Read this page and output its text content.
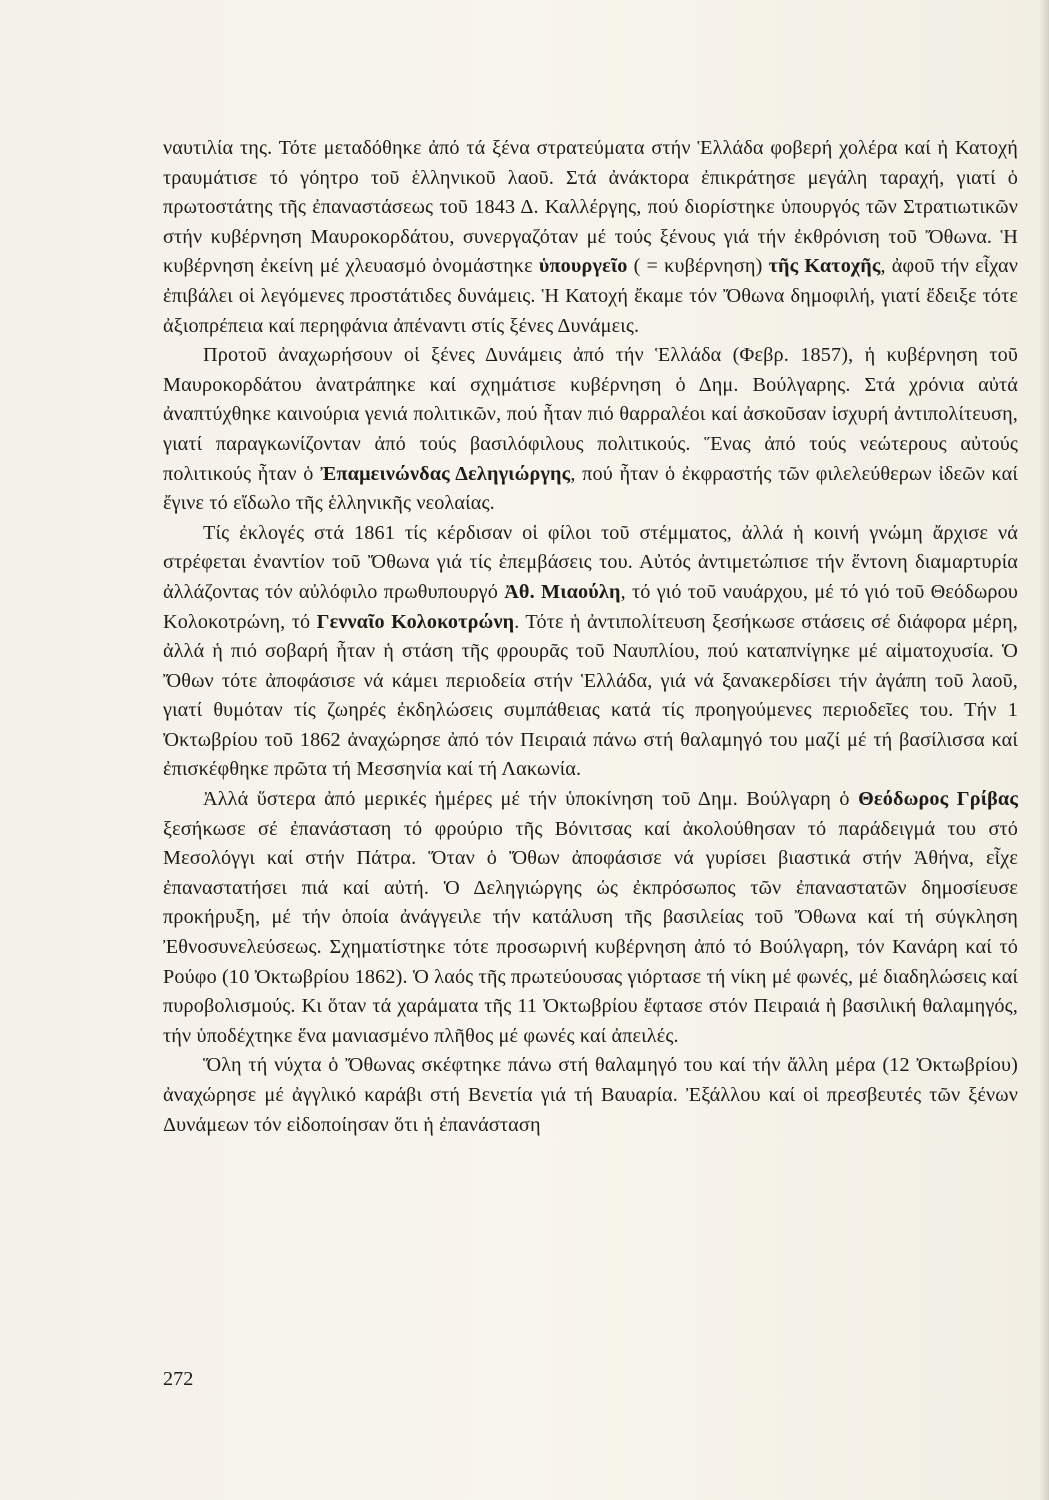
ναυτιλία της. Τότε μεταδόθηκε ἀπό τά ξένα στρατεύματα στήν Ἑλλάδα φοβερή χολέρα καί ἡ Κατοχή τραυμάτισε τό γόητρο τοῦ ἑλληνικοῦ λαοῦ. Στά ἀνάκτορα ἐπικράτησε μεγάλη ταραχή, γιατί ὁ πρωτοστάτης τῆς ἐπαναστάσεως τοῦ 1843 Δ. Καλλέργης, πού διορίστηκε ὑπουργός τῶν Στρατιωτικῶν στήν κυβέρνηση Μαυροκορδάτου, συνεργαζόταν μέ τούς ξένους γιά τήν ἐκθρόνιση τοῦ Ὄθωνα. Ἡ κυβέρνηση ἐκείνη μέ χλευασμό ὀνομάστηκε ὑπουργεῖο ( = κυβέρνηση) τῆς Κατοχῆς, ἀφοῦ τήν εἶχαν ἐπιβάλει οἱ λεγόμενες προστάτιδες δυνάμεις. Ἡ Κατοχή ἔκαμε τόν Ὄθωνα δημοφιλή, γιατί ἔδειξε τότε ἀξιοπρέπεια καί περηφάνια ἀπέναντι στίς ξένες Δυνάμεις.

Προτοῦ ἀναχωρήσουν οἱ ξένες Δυνάμεις ἀπό τήν Ἑλλάδα (Φεβρ. 1857), ἡ κυβέρνηση τοῦ Μαυροκορδάτου ἀνατράπηκε καί σχημάτισε κυβέρνηση ὁ Δημ. Βούλγαρης. Στά χρόνια αὐτά ἀναπτύχθηκε καινούρια γενιά πολιτικῶν, πού ἦταν πιό θαρραλέοι καί ἀσκοῦσαν ἰσχυρή ἀντιπολίτευση, γιατί παραγκωνίζονταν ἀπό τούς βασιλόφιλους πολιτικούς. Ἕνας ἀπό τούς νεώτερους αὐτούς πολιτικούς ἦταν ὁ Ἐπαμεινώνδας Δεληγιώργης, πού ἦταν ὁ ἐκφραστής τῶν φιλελεύθερων ἰδεῶν καί ἔγινε τό εἴδωλο τῆς ἑλληνικῆς νεολαίας.

Τίς ἐκλογές στά 1861 τίς κέρδισαν οἱ φίλοι τοῦ στέμματος, ἀλλά ἡ κοινή γνώμη ἄρχισε νά στρέφεται ἐναντίον τοῦ Ὄθωνα γιά τίς ἐπεμβάσεις του. Αὐτός ἀντιμετώπισε τήν ἔντονη διαμαρτυρία ἀλλάζοντας τόν αὐλόφιλο πρωθυπουργό Ἀθ. Μιαούλη, τό γιό τοῦ ναυάρχου, μέ τό γιό τοῦ Θεόδωρου Κολοκοτρώνη, τό Γενναῖο Κολοκοτρώνη. Τότε ἡ ἀντιπολίτευση ξεσήκωσε στάσεις σέ διάφορα μέρη, ἀλλά ἡ πιό σοβαρή ἦταν ἡ στάση τῆς φρουρᾶς τοῦ Ναυπλίου, πού καταπνίγηκε μέ αἱματοχυσία. Ὁ Ὄθων τότε ἀποφάσισε νά κάμει περιοδεία στήν Ἑλλάδα, γιά νά ξανακερδίσει τήν ἀγάπη τοῦ λαοῦ, γιατί θυμόταν τίς ζωηρές ἐκδηλώσεις συμπάθειας κατά τίς προηγούμενες περιοδεῖες του. Τήν 1 Ὀκτωβρίου τοῦ 1862 ἀναχώρησε ἀπό τόν Πειραιά πάνω στή θαλαμηγό του μαζί μέ τή βασίλισσα καί ἐπισκέφθηκε πρῶτα τή Μεσσηνία καί τή Λακωνία.

Ἀλλά ὕστερα ἀπό μερικές ἡμέρες μέ τήν ὑποκίνηση τοῦ Δημ. Βούλγαρη ὁ Θεόδωρος Γρίβας ξεσήκωσε σέ ἐπανάσταση τό φρούριο τῆς Βόνιτσας καί ἀκολούθησαν τό παράδειγμά του στό Μεσολόγγι καί στήν Πάτρα. Ὅταν ὁ Ὄθων ἀποφάσισε νά γυρίσει βιαστικά στήν Ἀθήνα, εἶχε ἐπαναστατήσει πιά καί αὐτή. Ὁ Δεληγιώργης ὡς ἐκπρόσωπος τῶν ἐπαναστατῶν δημοσίευσε προκήρυξη, μέ τήν ὁποία ἀνάγγειλε τήν κατάλυση τῆς βασιλείας τοῦ Ὄθωνα καί τή σύγκληση Ἐθνοσυνελεύσεως. Σχηματίστηκε τότε προσωρινή κυβέρνηση ἀπό τό Βούλγαρη, τόν Κανάρη καί τό Ρούφο (10 Ὀκτωβρίου 1862). Ὁ λαός τῆς πρωτεύουσας γιόρτασε τή νίκη μέ φωνές, μέ διαδηλώσεις καί πυροβολισμούς. Κι ὅταν τά χαράματα τῆς 11 Ὀκτωβρίου ἔφτασε στόν Πειραιά ἡ βασιλική θαλαμηγός, τήν ὑποδέχτηκε ἕνα μανιασμένο πλῆθος μέ φωνές καί ἀπειλές.

Ὅλη τή νύχτα ὁ Ὄθωνας σκέφτηκε πάνω στή θαλαμηγό του καί τήν ἄλλη μέρα (12 Ὀκτωβρίου) ἀναχώρησε μέ ἀγγλικό καράβι στή Βενετία γιά τή Βαυαρία. Ἐξάλλου καί οἱ πρεσβευτές τῶν ξένων Δυνάμεων τόν εἰδοποίησαν ὅτι ἡ ἐπανάσταση

272
